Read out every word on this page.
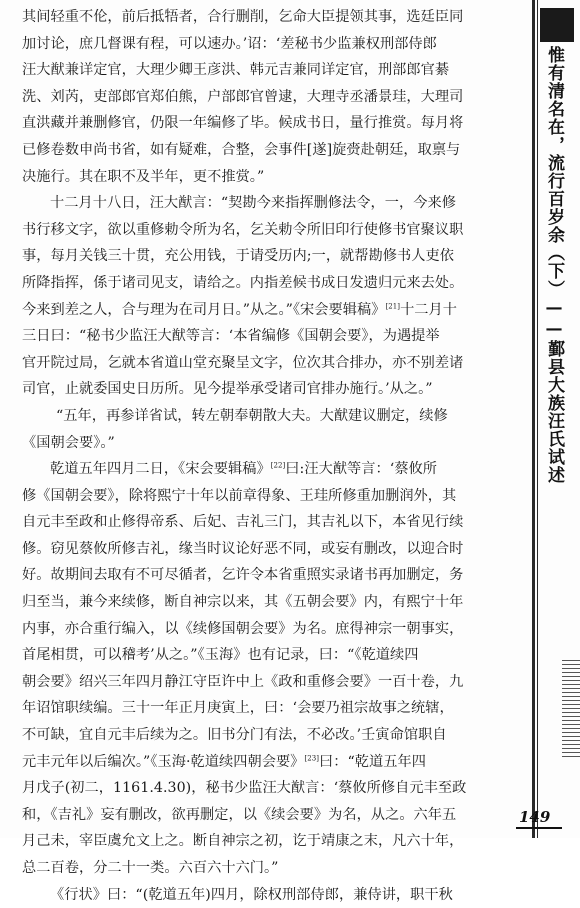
其间轻重不伦，前后抵牾者，合行删削，乞命大臣提领其事，选廷臣同

加讨论，庶几督课有程，可以速办。’诏：‘差秘书少监兼权刑部侍郎

汪大猷兼详定官，大理少卿王彦洪、韩元吉兼同详定官，刑部郎官綦

洗、刘芮，吏部郎官郑伯熊，户部郎官曾逮，大理寺丞潘景珪，大理司

直洪藏并兼删修官，仍限一年编修了毕。候成书日，量行推赏。每月将

已修卷数申尚书省，如有疑难，合整，会事件[遂]旋赍赴朝廷，取禀与

决施行。其在职不及半年，更不推赏。”

十二月十八日，汪大猷言：“契勘今来指挥删修法令，一，今来修

书行移文字，欲以重修勅令所为名，乞关勅令所旧印行使修书官聚议职

事，每月关钱三十贯，充公用钱，于请受历内;一，就帮勘修书人吏依

所降指挥，係于诸司见支，请给之。内指差候书成日发遗归元来去处。

今来到差之人，合与理为在司月日。”从之。”《宋会要辑稿》[21]十二月十

三日曰：“秘书少监汪大猷等言：‘本省编修《国朝会要》，为遇提举

官开院过局，乞就本省道山堂充聚呈文字，位次其合排办，亦不别差诸

司官，止就委国史日历所。见今提举承受诸司官排办施行。’从之。”

“五年，再参详省试，转左朝奉朝散大夫。大猷建议删定，续修

《国朝会要》。”

乾道五年四月二日，《宋会要辑稿》[22]曰:汪大猷等言：‘蔡攸所

修《国朝会要》，除将熙宁十年以前章得象、王珪所修重加删润外，其

自元丰至政和止修得帝系、后妃、吉礼三门，其吉礼以下，本省见行续

修。窃见蔡攸所修吉礼，缘当时议论好恶不同，或妄有删改，以迎合时

好。故期间去取有不可尽循者，乞许令本省重照实录诸书再加删定，务

归至当，兼今来续修，断自神宗以来，其《五朝会要》内，有熙宁十年

内事，亦合重行编入，以《续修国朝会要》为名。庶得神宗一朝事实，

首尾相贯，可以稽考’从之。”《玉海》也有记录，曰：“《乾道续四

朝会要》绍兴三年四月静江守臣许中上《政和重修会要》一百十卷，九

年诏馆职续编。三十一年正月庚寅上，曰：‘会要乃祖宗故事之统辖，

不可缺，宜自元丰后续为之。旧书分门有法，不必改。’壬寅命馆职自

元丰元年以后编次。”《玉海·乾道续四朝会要》[23]曰：“乾道五年四

月戊子(初二，1161.4.30)，秘书少监汪大猷言：‘蔡攸所修自元丰至政

和，《吉礼》妄有删改，欲再删定，以《续会要》为名，从之。六年五

月己未，宰臣虞允文上之。断自神宗之初，讫于靖康之末，凡六十年，

总二百卷，分二十一类。六百六十六门。”

《行状》曰：“(乾道五年)四月，除权刑部侍郎，兼侍讲，职干秋

惟有清名在，流行百岁余（下）——鄞县大族汪氏试述
149
